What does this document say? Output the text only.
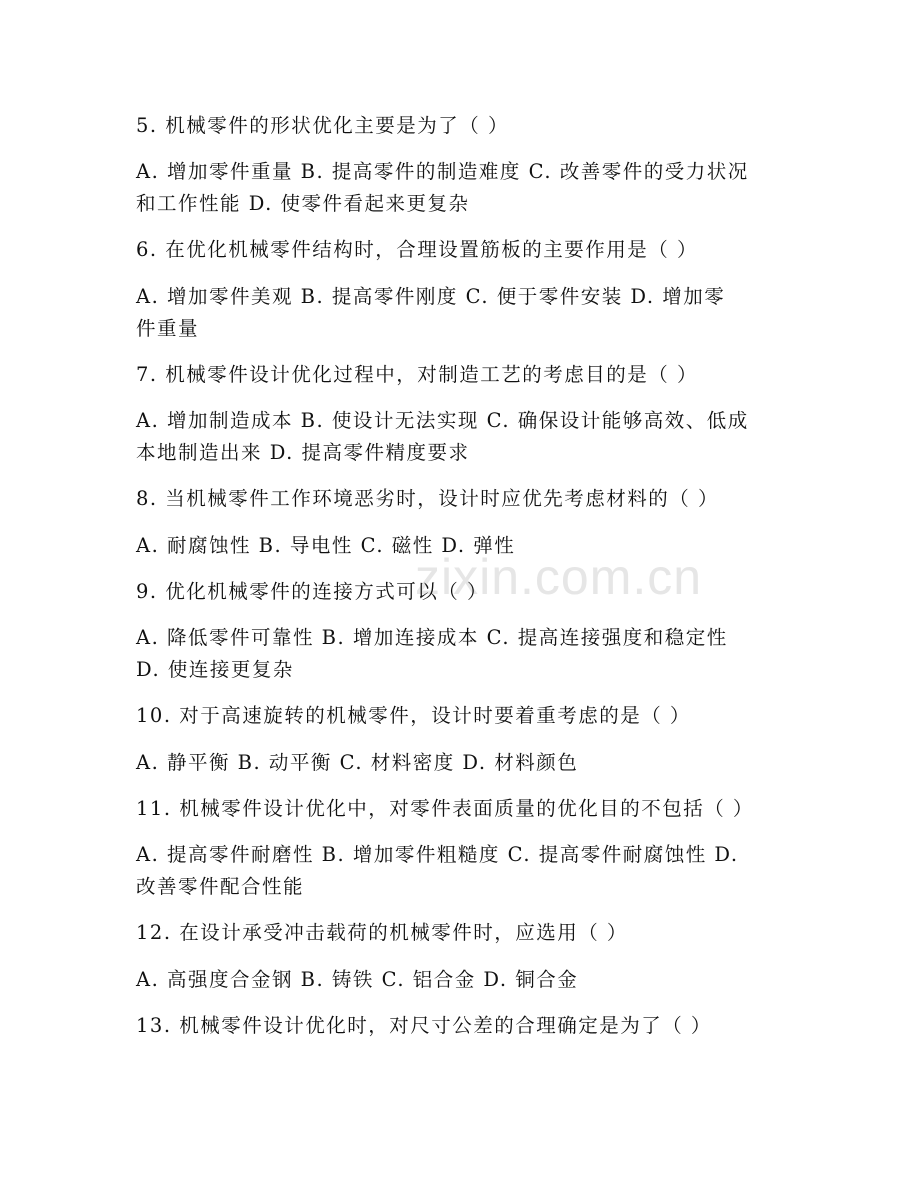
zixin.com.cn
5. 机械零件的形状优化主要是为了（ ）
A. 增加零件重量 B. 提高零件的制造难度 C. 改善零件的受力状况
和工作性能 D. 使零件看起来更复杂
6. 在优化机械零件结构时，合理设置筋板的主要作用是（ ）
A. 增加零件美观 B. 提高零件刚度 C. 便于零件安装 D. 增加零
件重量
7. 机械零件设计优化过程中，对制造工艺的考虑目的是（ ）
A. 增加制造成本 B. 使设计无法实现 C. 确保设计能够高效、低成
本地制造出来 D. 提高零件精度要求
8. 当机械零件工作环境恶劣时，设计时应优先考虑材料的（ ）
A. 耐腐蚀性 B. 导电性 C. 磁性 D. 弹性
9. 优化机械零件的连接方式可以（ ）
A. 降低零件可靠性 B. 增加连接成本 C. 提高连接强度和稳定性
D. 使连接更复杂
10. 对于高速旋转的机械零件，设计时要着重考虑的是（ ）
A. 静平衡 B. 动平衡 C. 材料密度 D. 材料颜色
11. 机械零件设计优化中，对零件表面质量的优化目的不包括（ ）
A. 提高零件耐磨性 B. 增加零件粗糙度 C. 提高零件耐腐蚀性 D.
改善零件配合性能
12. 在设计承受冲击载荷的机械零件时，应选用（ ）
A. 高强度合金钢 B. 铸铁 C. 铝合金 D. 铜合金
13. 机械零件设计优化时，对尺寸公差的合理确定是为了（ ）
